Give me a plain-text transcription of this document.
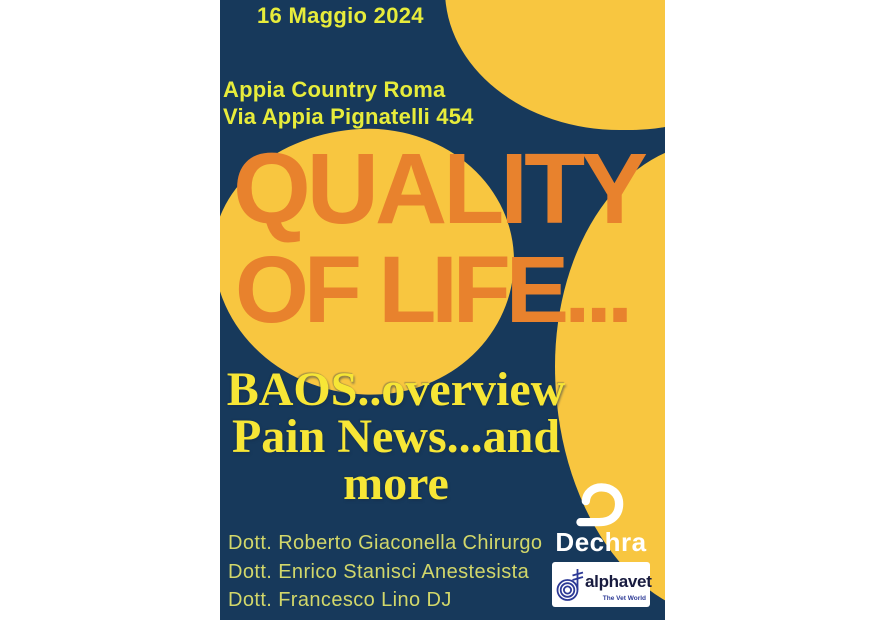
16 Maggio 2024
Appia Country Roma
Via Appia Pignatelli 454
QUALITY
OF LIFE...
BAOS..overview
Pain News...and
more
Dott. Roberto Giaconella Chirurgo
Dott. Enrico Stanisci Anestesista
Dott. Francesco Lino DJ
Dechra
alphavet
The Vet World
